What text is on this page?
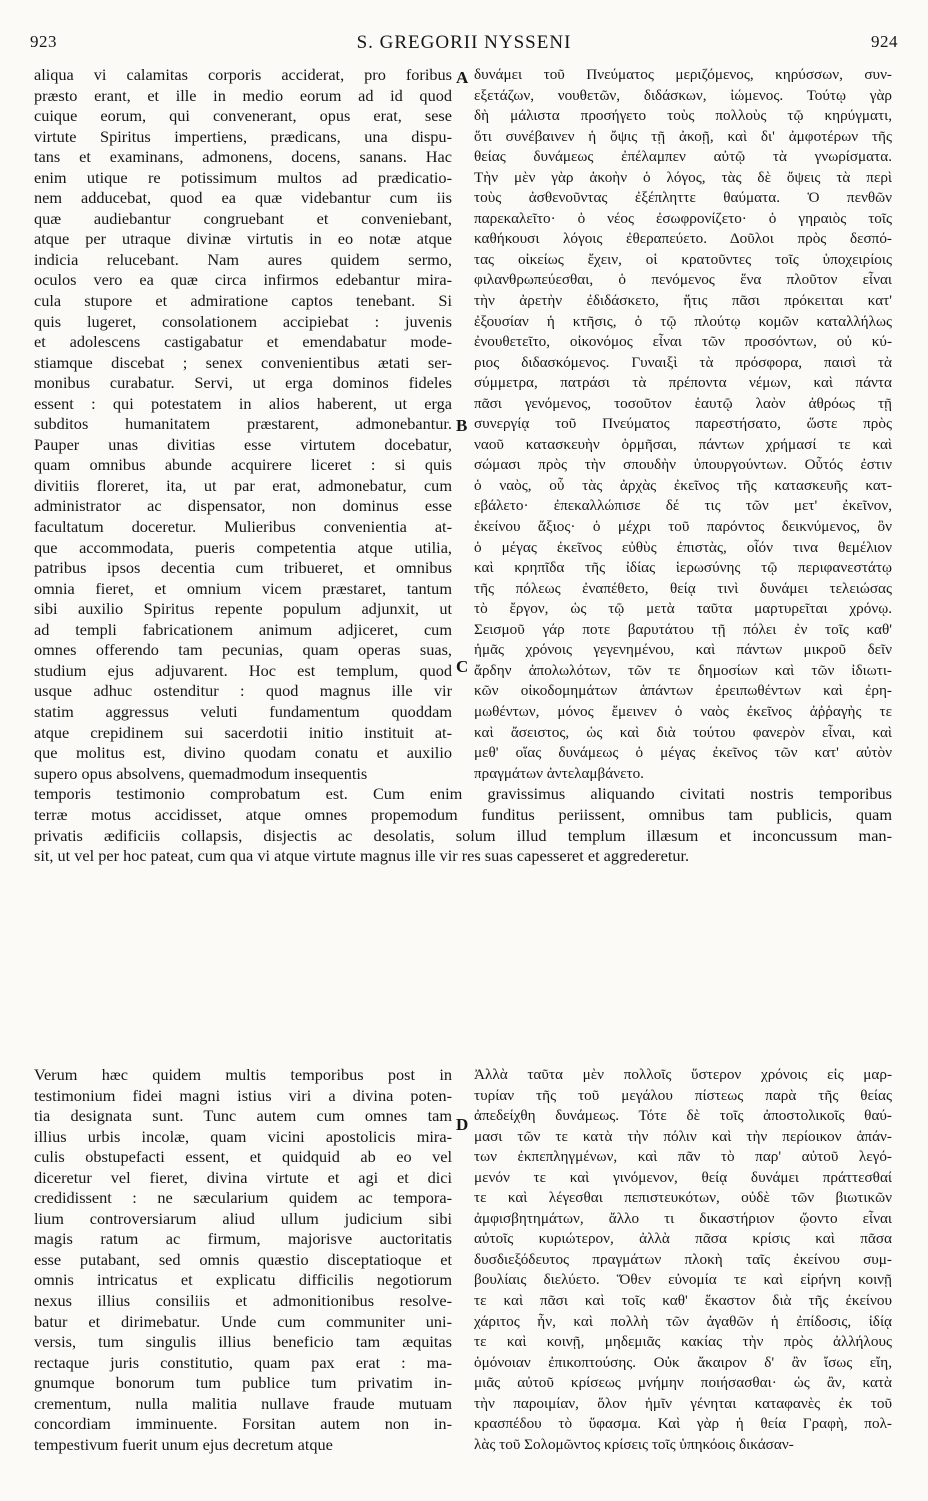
S. GREGORII NYSSENI
923	924
aliqua vi calamitas corporis acciderat, pro foribus
præsto erant, et ille in medio eorum ad id quod
cuique eorum, qui convenerant, opus erat, sese
virtute Spiritus impertiens, prædicans, una dispu-
tans et examinans, admonens, docens, sanans. Hac
enim utique re potissimum multos ad prædicatio-
nem adducebat, quod ea quæ videbantur cum iis
quæ audiebantur congruebant et conveniebant,
atque per utraque divinæ virtutis in eo notæ atque
indicia relucebant. Nam aures quidem sermo,
oculos vero ea quæ circa infirmos edebantur mira-
cula stupore et admiratione captos tenebant. Si
quis lugeret, consolationem accipiebat : juvenis
et adolescens castigabatur et emendabatur mode-
stiamque discebat ; senex convenientibus ætati ser-
monibus curabatur. Servi, ut erga dominos fideles
essent : qui potestatem in alios haberent, ut erga
subditos humanitatem præstarent, admonebantur.
Pauper unas divitias esse virtutem docebatur,
quam omnibus abunde acquirere liceret : si quis
divitiis floreret, ita, ut par erat, admonebatur, cum
administrator ac dispensator, non dominus esse
facultatum doceretur. Mulieribus convenientia at-
que accommodata, pueris competentia atque utilia,
patribus ipsos decentia cum tribueret, et omnibus
omnia fieret, et omnium vicem præstaret, tantum
sibi auxilio Spiritus repente populum adjunxit, ut
ad templi fabricationem animum adjiceret, cum
omnes offerendo tam pecunias, quam operas suas,
studium ejus adjuvarent. Hoc est templum, quod
usque adhuc ostenditur : quod magnus ille vir
statim aggressus veluti fundamentum quoddam
atque crepidinem sui sacerdotii initio instituit at-
que molitus est, divino quodam conatu et auxilio
supero opus absolvens, quemadmodum insequentis
δυνάμει τοῦ Πνεύματος μεριζόμενος, κηρύσσων, συν-
εξετάζων, νουθετῶν, διδάσκων, ἰώμενος. Τούτῳ γὰρ
δὴ μάλιστα προσήγετο τοὺς πολλοὺς τῷ κηρύγματι,
ὅτι συνέβαινεν ἡ ὄψις τῇ ἀκοῇ, καὶ δι' ἀμφοτέρων τῆς
θείας δυνάμεως ἐπέλαμπεν αὐτῷ τὰ γνωρίσματα.
Τὴν μὲν γὰρ ἀκοὴν ὁ λόγος, τὰς δὲ ὄψεις τὰ περὶ
τοὺς ἀσθενοῦντας ἐξέπληττε θαύματα. Ὁ πενθῶν
παρεκαλεῖτο· ὁ νέος ἐσωφρονίζετο· ὁ γηραιὸς τοῖς
καθήκουσι λόγοις ἐθεραπεύετο. Δοῦλοι πρὸς δεσπό-
τας οἰκείως ἔχειν, οἱ κρατοῦντες τοῖς ὑποχειρίοις
φιλανθρωπεύεσθαι, ὁ πενόμενος ἕνα πλοῦτον εἶναι
τὴν ἀρετὴν ἐδιδάσκετο, ἥτις πᾶσι πρόκειται κατ'
ἐξουσίαν ἡ κτῆσις, ὁ τῷ πλούτῳ κομῶν καταλλήλως
ἐνουθετεῖτο, οἰκονόμος εἶναι τῶν προσόντων, οὐ κύ-
ριος διδασκόμενος. Γυναιξὶ τὰ πρόσφορα, παισὶ τὰ
σύμμετρα, πατράσι τὰ πρέποντα νέμων, καὶ πάντα
πᾶσι γενόμενος, τοσοῦτον ἑαυτῷ λαὸν ἀθρόως τῇ
συνεργίᾳ τοῦ Πνεύματος παρεστήσατο, ὥστε πρὸς
ναοῦ κατασκευὴν ὁρμῆσαι, πάντων χρήμασί τε καὶ
σώμασι πρὸς τὴν σπουδὴν ὑπουργούντων. Οὗτός ἐστιν
ὁ ναὸς, οὗ τὰς ἀρχὰς ἐκεῖνος τῆς κατασκευῆς κατ-
εβάλετο· ἐπεκαλλώπισε δέ τις τῶν μετ' ἐκεῖνον,
ἐκείνου ἄξιος· ὁ μέχρι τοῦ παρόντος δεικνύμενος, ὃν
ὁ μέγας ἐκεῖνος εὐθὺς ἐπιστὰς, οἷόν τινα θεμέλιον
καὶ κρηπῖδα τῆς ἰδίας ἱερωσύνης τῷ περιφανεστάτῳ
τῆς πόλεως ἐναπέθετο, θείᾳ τινὶ δυνάμει τελειώσας
τὸ ἔργον, ὡς τῷ μετὰ ταῦτα μαρτυρεῖται χρόνῳ.
Σεισμοῦ γάρ ποτε βαρυτάτου τῇ πόλει ἐν τοῖς καθ'
ἡμᾶς χρόνοις γεγενημένου, καὶ πάντων μικροῦ δεῖν
ἄρδην ἀπολωλότων, τῶν τε δημοσίων καὶ τῶν ἰδιωτι-
κῶν οἰκοδομημάτων ἁπάντων ἐρειπωθέντων καὶ ἐρη-
μωθέντων, μόνος ἔμεινεν ὁ ναὸς ἐκεῖνος ἀῤῥαγὴς τε
καὶ ἄσειστος, ὡς καὶ διὰ τούτου φανερὸν εἶναι, καὶ
μεθ' οἵας δυνάμεως ὁ μέγας ἐκεῖνος τῶν κατ' αὐτὸν
πραγμάτων ἀντελαμβάνετο.
temporis testimonio comprobatum est. Cum enim gravissimus aliquando civitati nostris temporibus
terræ motus accidisset, atque omnes propemodum funditus periissent, omnibus tam publicis, quam
privatis ædificiis collapsis, disjectis ac desolatis, solum illud templum illæsum et inconcussum man-
sit, ut vel per hoc pateat, cum qua vi atque virtute magnus ille vir res suas capesseret et aggrederetur.
Verum hæc quidem multis temporibus post in
testimonium fidei magni istius viri a divina poten-
tia designata sunt. Tunc autem cum omnes tam
illius urbis incolæ, quam vicini apostolicis mira-
culis obstupefacti essent, et quidquid ab eo vel
diceretur vel fieret, divina virtute et agi et dici
credidissent : ne sæcularium quidem ac tempora-
lium controversiarum aliud ullum judicium sibi
magis ratum ac firmum, majorisve auctoritatis
esse putabant, sed omnis quæstio disceptatioque et
omnis intricatus et explicatu difficilis negotiorum
nexus illius consiliis et admonitionibus resolve-
batur et dirimebatur. Unde cum communiter uni-
versis, tum singulis illius beneficio tam æquitas
rectaque juris constitutio, quam pax erat : ma-
gnumque bonorum tum publice tum privatim in-
crementum, nulla malitia nullave fraude mutuam
concordiam imminuente. Forsitan autem non in-
tempestivum fuerit unum ejus decretum atque
Ἀλλὰ ταῦτα μὲν πολλοῖς ὕστερον χρόνοις εἰς μαρ-
τυρίαν τῆς τοῦ μεγάλου πίστεως παρὰ τῆς θείας
ἀπεδείχθη δυνάμεως. Τότε δὲ τοῖς ἀποστολικοῖς θαύ-
μασι τῶν τε κατὰ τὴν πόλιν καὶ τὴν περίοικον ἁπάν-
των ἐκπεπληγμένων, καὶ πᾶν τὸ παρ' αὐτοῦ λεγό-
μενόν τε καὶ γινόμενον, θείᾳ δυνάμει πράττεσθαί
τε καὶ λέγεσθαι πεπιστευκότων, οὐδὲ τῶν βιωτικῶν
ἀμφισβητημάτων, ἄλλο τι δικαστήριον ᾤοντο εἶναι
αὐτοῖς κυριώτερον, ἀλλὰ πᾶσα κρίσις καὶ πᾶσα
δυσδιεξόδευτος πραγμάτων πλοκὴ ταῖς ἐκείνου συμ-
βουλίαις διελύετο. Ὅθεν εὐνομία τε καὶ εἰρήνη κοινῇ
τε καὶ πᾶσι καὶ τοῖς καθ' ἕκαστον διὰ τῆς ἐκείνου
χάριτος ἦν, καὶ πολλὴ τῶν ἀγαθῶν ἡ ἐπίδοσις, ἰδίᾳ
τε καὶ κοινῇ, μηδεμιᾶς κακίας τὴν πρὸς ἀλλήλους
ὁμόνοιαν ἐπικοπτούσης. Οὐκ ἄκαιρον δ' ἂν ἴσως εἴη,
μιᾶς αὐτοῦ κρίσεως μνήμην ποιήσασθαι· ὡς ἂν, κατὰ
τὴν παροιμίαν, ὅλον ἡμῖν γένηται καταφανὲς ἐκ τοῦ
κρασπέδου τὸ ὕφασμα. Καὶ γὰρ ἡ θεία Γραφὴ, πολ-
λὰς τοῦ Σολομῶντος κρίσεις τοῖς ὑπηκόοις δικάσαν-
A
B
C
D
